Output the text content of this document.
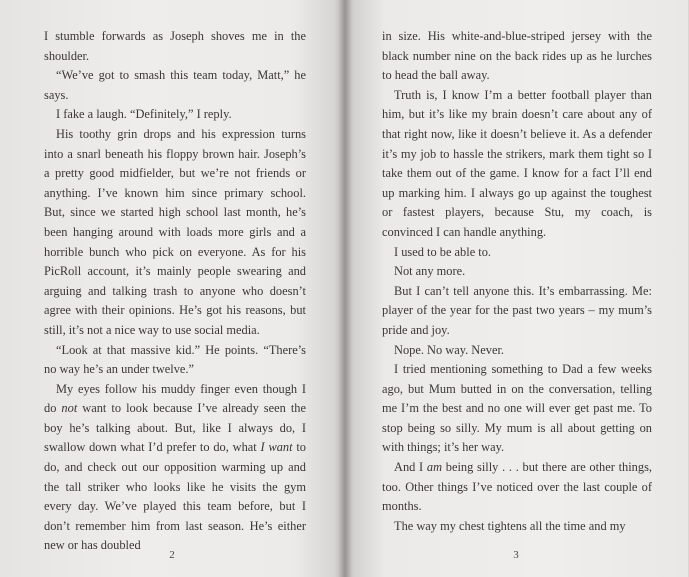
I stumble forwards as Joseph shoves me in the shoulder.

“We’ve got to smash this team today, Matt,” he says.

I fake a laugh. “Definitely,” I reply.

His toothy grin drops and his expression turns into a snarl beneath his floppy brown hair. Joseph’s a pretty good midfielder, but we’re not friends or anything. I’ve known him since primary school. But, since we started high school last month, he’s been hanging around with loads more girls and a horrible bunch who pick on everyone. As for his PicRoll account, it’s mainly people swearing and arguing and talking trash to anyone who doesn’t agree with their opinions. He’s got his reasons, but still, it’s not a nice way to use social media.

“Look at that massive kid.” He points. “There’s no way he’s an under twelve.”

My eyes follow his muddy finger even though I do not want to look because I’ve already seen the boy he’s talking about. But, like I always do, I swallow down what I’d prefer to do, what I want to do, and check out our opposition warming up and the tall striker who looks like he visits the gym every day. We’ve played this team before, but I don’t remember him from last season. He’s either new or has doubled

2

in size. His white-and-blue-striped jersey with the black number nine on the back rides up as he lurches to head the ball away.

Truth is, I know I’m a better football player than him, but it’s like my brain doesn’t care about any of that right now, like it doesn’t believe it. As a defender it’s my job to hassle the strikers, mark them tight so I take them out of the game. I know for a fact I’ll end up marking him. I always go up against the toughest or fastest players, because Stu, my coach, is convinced I can handle anything.

I used to be able to.

Not any more.

But I can’t tell anyone this. It’s embarrassing. Me: player of the year for the past two years – my mum’s pride and joy.

Nope. No way. Never.

I tried mentioning something to Dad a few weeks ago, but Mum butted in on the conversation, telling me I’m the best and no one will ever get past me. To stop being so silly. My mum is all about getting on with things; it’s her way.

And I am being silly . . . but there are other things, too. Other things I’ve noticed over the last couple of months.

The way my chest tightens all the time and my

3
